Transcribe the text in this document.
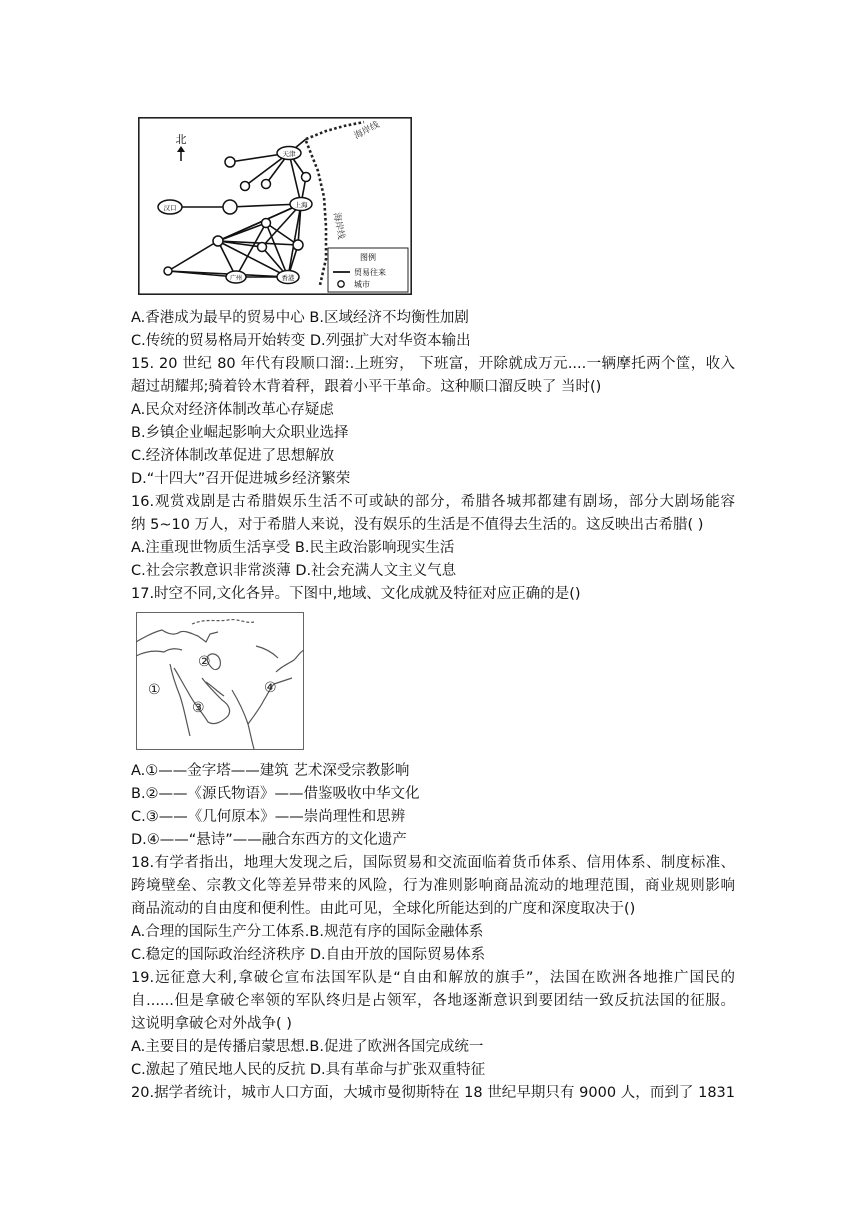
北	海岸线
海岸线
天津
汉口	上海
广州	香港
图例
贸易往来
城市
A.香港成为最早的贸易中心 B.区域经济不均衡性加剧
C.传统的贸易格局开始转变 D.列强扩大对华资本输出
15. 20 世纪 80 年代有段顺口溜:.上班穷， 下班富，开除就成万元....一辆摩托两个筐，收入
超过胡耀邦;骑着铃木背着秤，跟着小平干革命。这种顺口溜反映了 当时()
A.民众对经济体制改革心存疑虑
B.乡镇企业崛起影响大众职业选择
C.经济体制改革促进了思想解放
D.“十四大”召开促进城乡经济繁荣
16.观赏戏剧是古希腊娱乐生活不可或缺的部分，希腊各城邦都建有剧场，部分大剧场能容
纳 5~10 万人，对于希腊人来说，没有娱乐的生活是不值得去生活的。这反映出古希腊( )
A.注重现世物质生活享受 B.民主政治影响现实生活
C.社会宗教意识非常淡薄 D.社会充满人文主义气息
17.时空不同,文化各异。下图中,地域、文化成就及特征对应正确的是()
①
②
③
④
A.①——金字塔——建筑 艺术深受宗教影响
B.②——《源氏物语》——借鉴吸收中华文化
C.③——《几何原本》——崇尚理性和思辨
D.④——“悬诗”——融合东西方的文化遗产
18.有学者指出，地理大发现之后，国际贸易和交流面临着货币体系、信用体系、制度标准、
跨境壁垒、宗教文化等差异带来的风险，行为准则影响商品流动的地理范围，商业规则影响
商品流动的自由度和便利性。由此可见，全球化所能达到的广度和深度取决于()
A.合理的国际生产分工体系.B.规范有序的国际金融体系
C.稳定的国际政治经济秩序 D.自由开放的国际贸易体系
19.远征意大利,拿破仑宣布法国军队是“自由和解放的旗手”，法国在欧洲各地推广国民的
自......但是拿破仑率领的军队终归是占领军，各地逐渐意识到要团结一致反抗法国的征服。
这说明拿破仑对外战争( )
A.主要目的是传播启蒙思想.B.促进了欧洲各国完成统一
C.激起了殖民地人民的反抗 D.具有革命与扩张双重特征
20.据学者统计，城市人口方面，大城市曼彻斯特在 18 世纪早期只有 9000 人，而到了 1831
